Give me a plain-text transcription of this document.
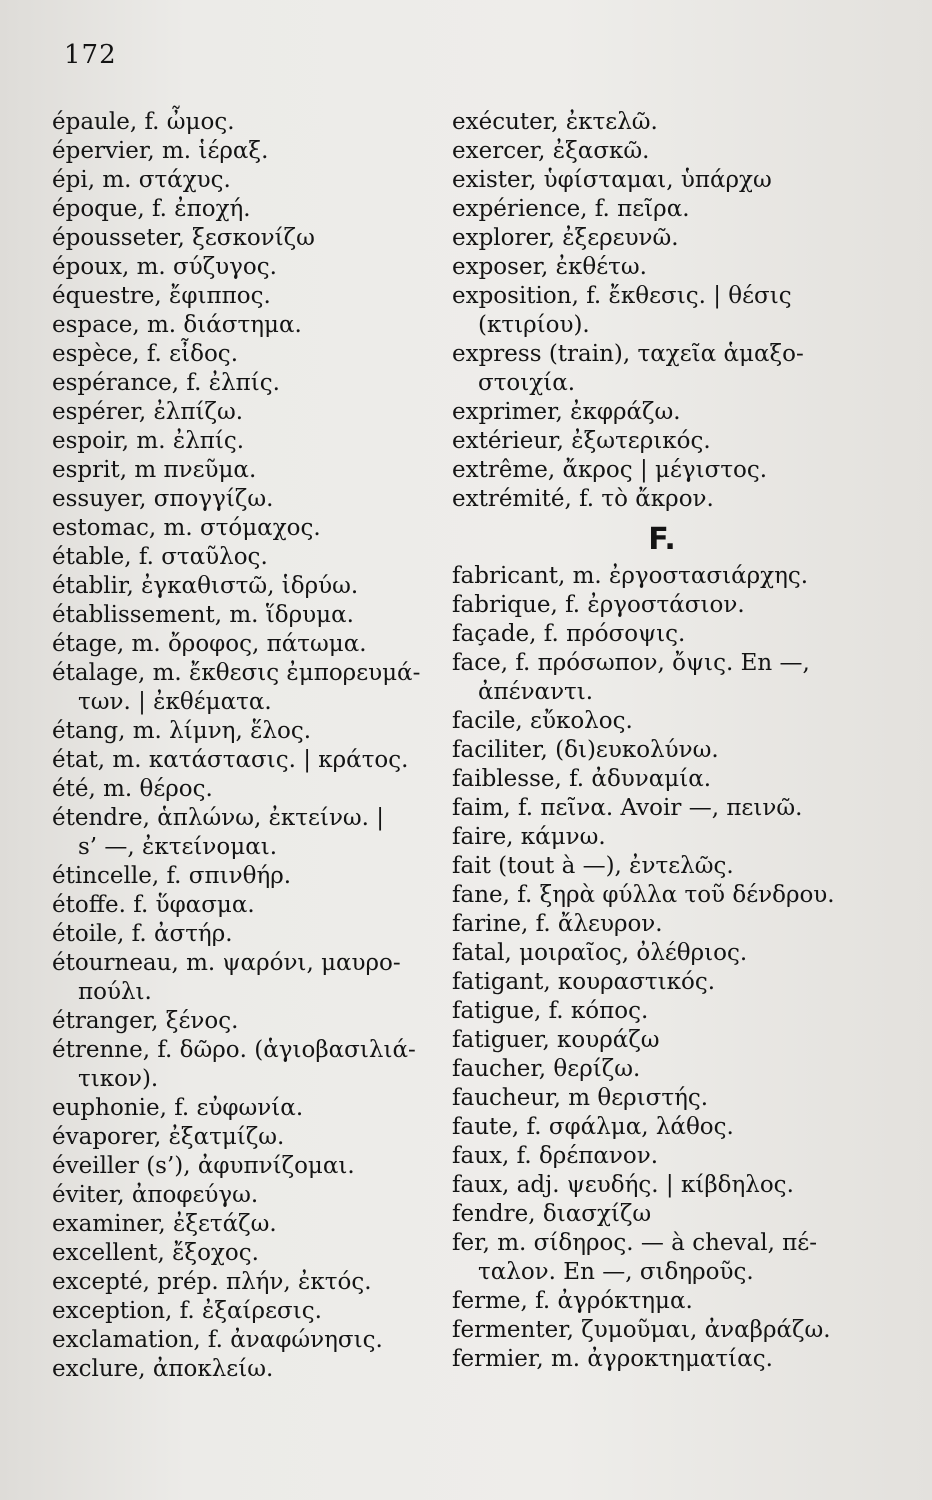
172
épaule, f. ὦμος.
épervier, m. ἱέραξ.
épi, m. στάχυς.
époque, f. ἐποχή.
épousseter, ξεσκονίζω
époux, m. σύζυγος.
équestre, ἔφιππος.
espace, m. διάστημα.
espèce, f. εἶδος.
espérance, f. ἐλπίς.
espérer, ἐλπίζω.
espoir, m. ἐλπίς.
esprit, m πνεῦμα.
essuyer, σπογγίζω.
estomac, m. στόμαχος.
étable, f. σταῦλος.
établir, ἐγκαθιστῶ, ἱδρύω.
établissement, m. ἵδρυμα.
étage, m. ὄροφος, πάτωμα.
étalage, m. ἔκθεσις ἐμπορευμά-
των. | ἐκθέματα.
étang, m. λίμνη, ἕλος.
état, m. κατάστασις. | κράτος.
été, m. θέρος.
étendre, ἁπλώνω, ἐκτείνω. |
s’ —, ἐκτείνομαι.
étincelle, f. σπινθήρ.
étoffe. f. ὕφασμα.
étoile, f. ἀστήρ.
étourneau, m. ψαρόνι, μαυρο-
πούλι.
étranger, ξένος.
étrenne, f. δῶρο. (ἁγιοβασιλιά-
τικον).
euphonie, f. εὐφωνία.
évaporer, ἐξατμίζω.
éveiller (s’), ἀφυπνίζομαι.
éviter, ἀποφεύγω.
examiner, ἐξετάζω.
excellent, ἔξοχος.
excepté, prép. πλήν, ἐκτός.
exception, f. ἐξαίρεσις.
exclamation, f. ἀναφώνησις.
exclure, ἀποκλείω.
exécuter, ἐκτελῶ.
exercer, ἐξασκῶ.
exister, ὑφίσταμαι, ὑπάρχω
expérience, f. πεῖρα.
explorer, ἐξερευνῶ.
exposer, ἐκθέτω.
exposition, f. ἔκθεσις. | θέσις
(κτιρίου).
express (train), ταχεῖα ἁμαξο-
στοιχία.
exprimer, ἐκφράζω.
extérieur, ἐξωτερικός.
extrême, ἄκρος | μέγιστος.
extrémité, f. τὸ ἄκρον.
F.
fabricant, m. ἐργοστασιάρχης.
fabrique, f. ἐργοστάσιον.
façade, f. πρόσοψις.
face, f. πρόσωπον, ὄψις. En —,
ἀπέναντι.
facile, εὔκολος.
faciliter, (δι)ευκολύνω.
faiblesse, f. ἀδυναμία.
faim, f. πεῖνα. Avoir —, πεινῶ.
faire, κάμνω.
fait (tout à —), ἐντελῶς.
fane, f. ξηρὰ φύλλα τοῦ δένδρου.
farine, f. ἄλευρον.
fatal, μοιραῖος, ὀλέθριος.
fatigant, κουραστικός.
fatigue, f. κόπος.
fatiguer, κουράζω
faucher, θερίζω.
faucheur, m θεριστής.
faute, f. σφάλμα, λάθος.
faux, f. δρέπανον.
faux, adj. ψευδής. | κίβδηλος.
fendre, διασχίζω
fer, m. σίδηρος. — à cheval, πέ-
ταλον. En —, σιδηροῦς.
ferme, f. ἀγρόκτημα.
fermenter, ζυμοῦμαι, ἀναβράζω.
fermier, m. ἀγροκτηματίας.
